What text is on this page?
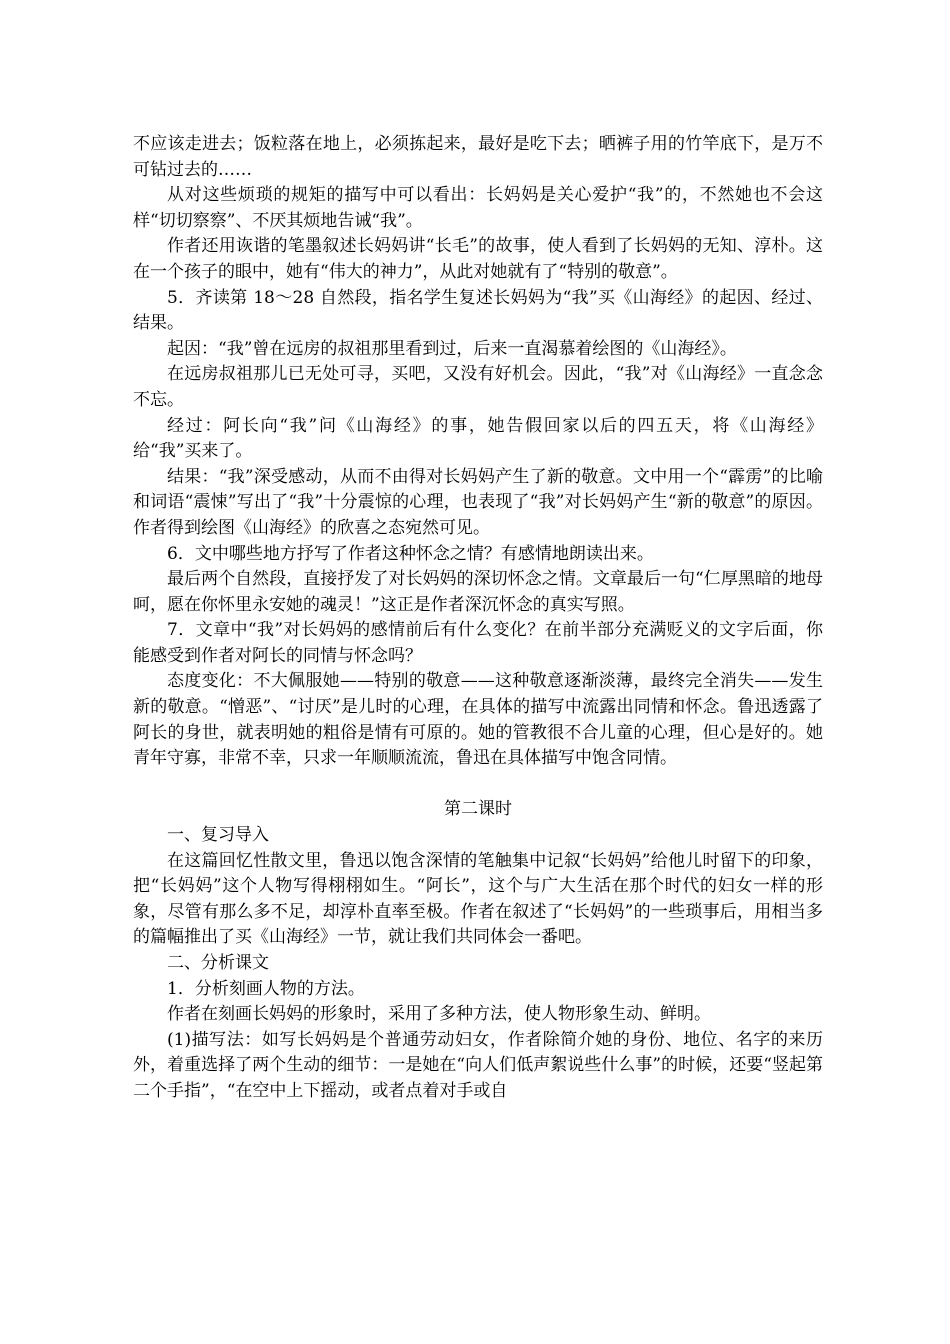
不应该走进去；饭粒落在地上，必须拣起来，最好是吃下去；晒裤子用的竹竿底下，是万不可钻过去的……

从对这些烦琐的规矩的描写中可以看出：长妈妈是关心爱护“我”的，不然她也不会这样“切切察察”、不厌其烦地告诫“我”。

作者还用诙谐的笔墨叙述长妈妈讲“长毛”的故事，使人看到了长妈妈的无知、淳朴。这在一个孩子的眼中，她有“伟大的神力”，从此对她就有了“特别的敬意”。

5．齐读第 18～28 自然段，指名学生复述长妈妈为“我”买《山海经》的起因、经过、结果。

起因：“我”曾在远房的叔祖那里看到过，后来一直渴慕着绘图的《山海经》。

在远房叔祖那儿已无处可寻，买吧，又没有好机会。因此，“我”对《山海经》一直念念不忘。

经过：阿长向“我”问《山海经》的事，她告假回家以后的四五天，将《山海经》给“我”买来了。

结果：“我”深受感动，从而不由得对长妈妈产生了新的敬意。文中用一个“霹雳”的比喻和词语“震悚”写出了“我”十分震惊的心理，也表现了“我”对长妈妈产生“新的敬意”的原因。作者得到绘图《山海经》的欣喜之态宛然可见。

6．文中哪些地方抒写了作者这种怀念之情？有感情地朗读出来。

最后两个自然段，直接抒发了对长妈妈的深切怀念之情。文章最后一句“仁厚黑暗的地母呵，愿在你怀里永安她的魂灵！”这正是作者深沉怀念的真实写照。

7．文章中“我”对长妈妈的感情前后有什么变化？在前半部分充满贬义的文字后面，你能感受到作者对阿长的同情与怀念吗？

态度变化：不大佩服她——特别的敬意——这种敬意逐渐淡薄，最终完全消失——发生新的敬意。“憎恶”、“讨厌”是儿时的心理，在具体的描写中流露出同情和怀念。鲁迅透露了阿长的身世，就表明她的粗俗是情有可原的。她的管教很不合儿童的心理，但心是好的。她青年守寡，非常不幸，只求一年顺顺流流，鲁迅在具体描写中饱含同情。

第二课时

一、复习导入

在这篇回忆性散文里，鲁迅以饱含深情的笔触集中记叙“长妈妈”给他儿时留下的印象，把“长妈妈”这个人物写得栩栩如生。“阿长”，这个与广大生活在那个时代的妇女一样的形象，尽管有那么多不足，却淳朴直率至极。作者在叙述了“长妈妈”的一些琐事后，用相当多的篇幅推出了买《山海经》一节，就让我们共同体会一番吧。

二、分析课文

1．分析刻画人物的方法。

作者在刻画长妈妈的形象时，采用了多种方法，使人物形象生动、鲜明。

(1)描写法：如写长妈妈是个普通劳动妇女，作者除简介她的身份、地位、名字的来历外，着重选择了两个生动的细节：一是她在“向人们低声絮说些什么事”的时候，还要“竖起第二个手指”，“在空中上下摇动，或者点着对手或自
